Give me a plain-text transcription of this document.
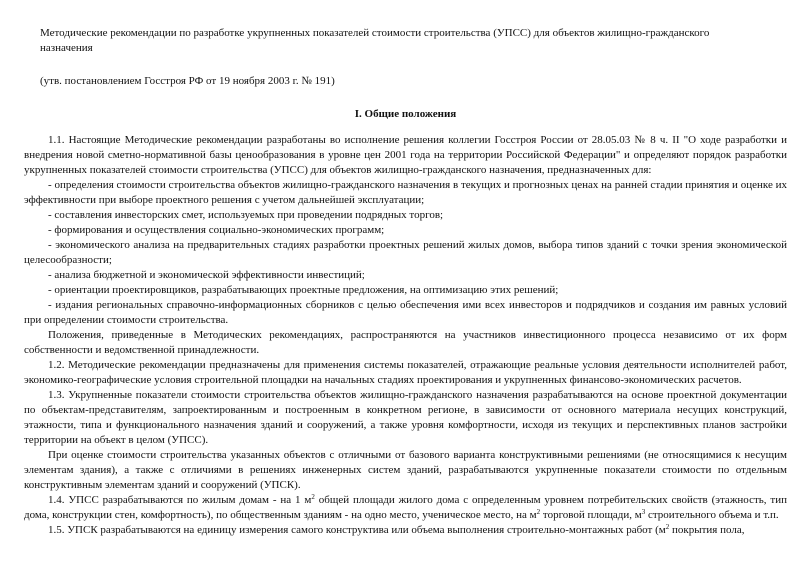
Методические рекомендации по разработке укрупненных показателей стоимости строительства (УПСС) для объектов жилищно-гражданского назначения

(утв. постановлением Госстроя РФ от 19 ноября 2003 г. № 191)

I. Общие положения

1.1. Настоящие Методические рекомендации разработаны во исполнение решения коллегии Госстроя России от 28.05.03 № 8 ч. II "О ходе разработки и внедрения новой сметно-нормативной базы ценообразования в уровне цен 2001 года на территории Российской Федерации" и определяют порядок разработки укрупненных показателей стоимости строительства (УПСС) для объектов жилищно-гражданского назначения, предназначенных для:

- определения стоимости строительства объектов жилищно-гражданского назначения в текущих и прогнозных ценах на ранней стадии принятия и оценке их эффективности при выборе проектного решения с учетом дальнейшей эксплуатации;

- составления инвесторских смет, используемых при проведении подрядных торгов;

- формирования и осуществления социально-экономических программ;

- экономического анализа на предварительных стадиях разработки проектных решений жилых домов, выбора типов зданий с точки зрения экономической целесообразности;

- анализа бюджетной и экономической эффективности инвестиций;

- ориентации проектировщиков, разрабатывающих проектные предложения, на оптимизацию этих решений;

- издания региональных справочно-информационных сборников с целью обеспечения ими всех инвесторов и подрядчиков и создания им равных условий при определении стоимости строительства.

Положения, приведенные в Методических рекомендациях, распространяются на участников инвестиционного процесса независимо от их форм собственности и ведомственной принадлежности.

1.2. Методические рекомендации предназначены для применения системы показателей, отражающие реальные условия деятельности исполнителей работ, экономико-географические условия строительной площадки на начальных стадиях проектирования и укрупненных финансово-экономических расчетов.

1.3. Укрупненные показатели стоимости строительства объектов жилищно-гражданского назначения разрабатываются на основе проектной документации по объектам-представителям, запроектированным и построенным в конкретном регионе, в зависимости от основного материала несущих конструкций, этажности, типа и функционального назначения зданий и сооружений, а также уровня комфортности, исходя из текущих и перспективных планов застройки территории на объект в целом (УПСС).

При оценке стоимости строительства указанных объектов с отличными от базового варианта конструктивными решениями (не относящимися к несущим элементам здания), а также с отличиями в решениях инженерных систем зданий, разрабатываются укрупненные показатели стоимости по отдельным конструктивным элементам зданий и сооружений (УПСК).

1.4. УПСС разрабатываются по жилым домам - на 1 $м^2$ общей площади жилого дома с определенным уровнем потребительских свойств (этажность, тип дома, конструкции стен, комфортность), по общественным зданиям - на одно место, ученическое место, на $м^2$ торговой площади, $м^3$ строительного объема и т.п.

1.5. УПСК разрабатываются на единицу измерения самого конструктива или объема выполнения строительно-монтажных работ ($м^2$ покрытия пола,
